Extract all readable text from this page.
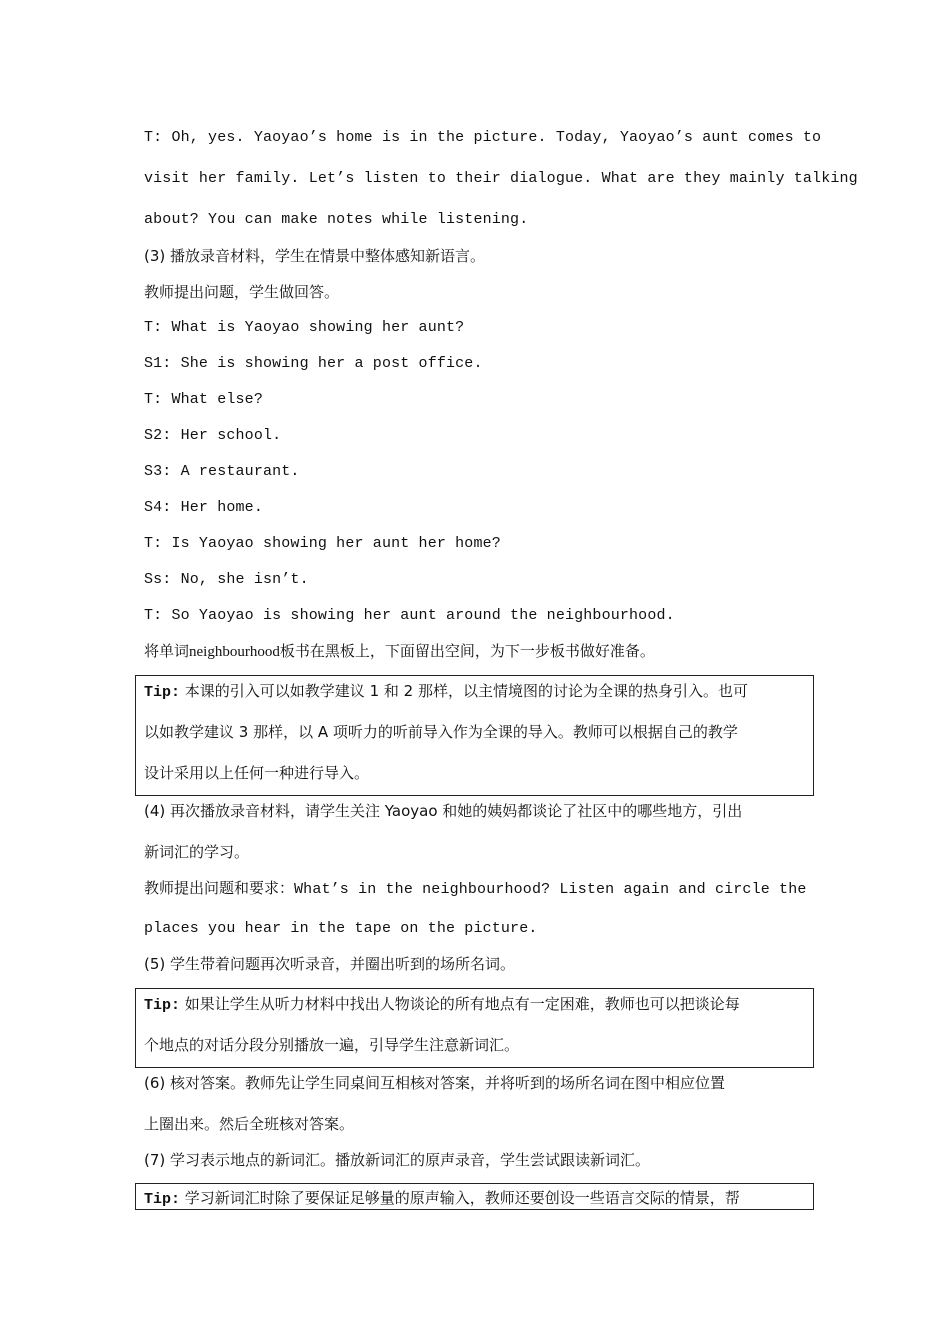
T: Oh, yes. Yaoyao’s home is in the picture. Today, Yaoyao’s aunt comes to
visit her family. Let’s listen to their dialogue. What are they mainly talking
about? You can make notes while listening.
(3) 播放录音材料，学生在情景中整体感知新语言。
教师提出问题，学生做回答。
T: What is Yaoyao showing her aunt?
S1: She is showing her a post office.
T: What else?
S2: Her school.
S3: A restaurant.
S4: Her home.
T: Is Yaoyao showing her aunt her home?
Ss: No, she isn’t.
T: So Yaoyao is showing her aunt around the neighbourhood.
将单词neighbourhood板书在黑板上，下面留出空间，为下一步板书做好准备。
Tip: 本课的引入可以如教学建议 1 和 2 那样，以主情境图的讨论为全课的热身引入。也可
以如教学建议 3 那样，以 A 项听力的听前导入作为全课的导入。教师可以根据自己的教学
设计采用以上任何一种进行导入。
(4) 再次播放录音材料，请学生关注 Yaoyao 和她的姨妈都谈论了社区中的哪些地方，引出
新词汇的学习。
教师提出问题和要求：What’s in the neighbourhood? Listen again and circle the
places you hear in the tape on the picture.
(5) 学生带着问题再次听录音，并圈出听到的场所名词。
Tip: 如果让学生从听力材料中找出人物谈论的所有地点有一定困难，教师也可以把谈论每
个地点的对话分段分别播放一遍，引导学生注意新词汇。
(6) 核对答案。教师先让学生同桌间互相核对答案，并将听到的场所名词在图中相应位置
上圈出来。然后全班核对答案。
(7) 学习表示地点的新词汇。播放新词汇的原声录音，学生尝试跟读新词汇。
Tip: 学习新词汇时除了要保证足够量的原声输入，教师还要创设一些语言交际的情景，帮
